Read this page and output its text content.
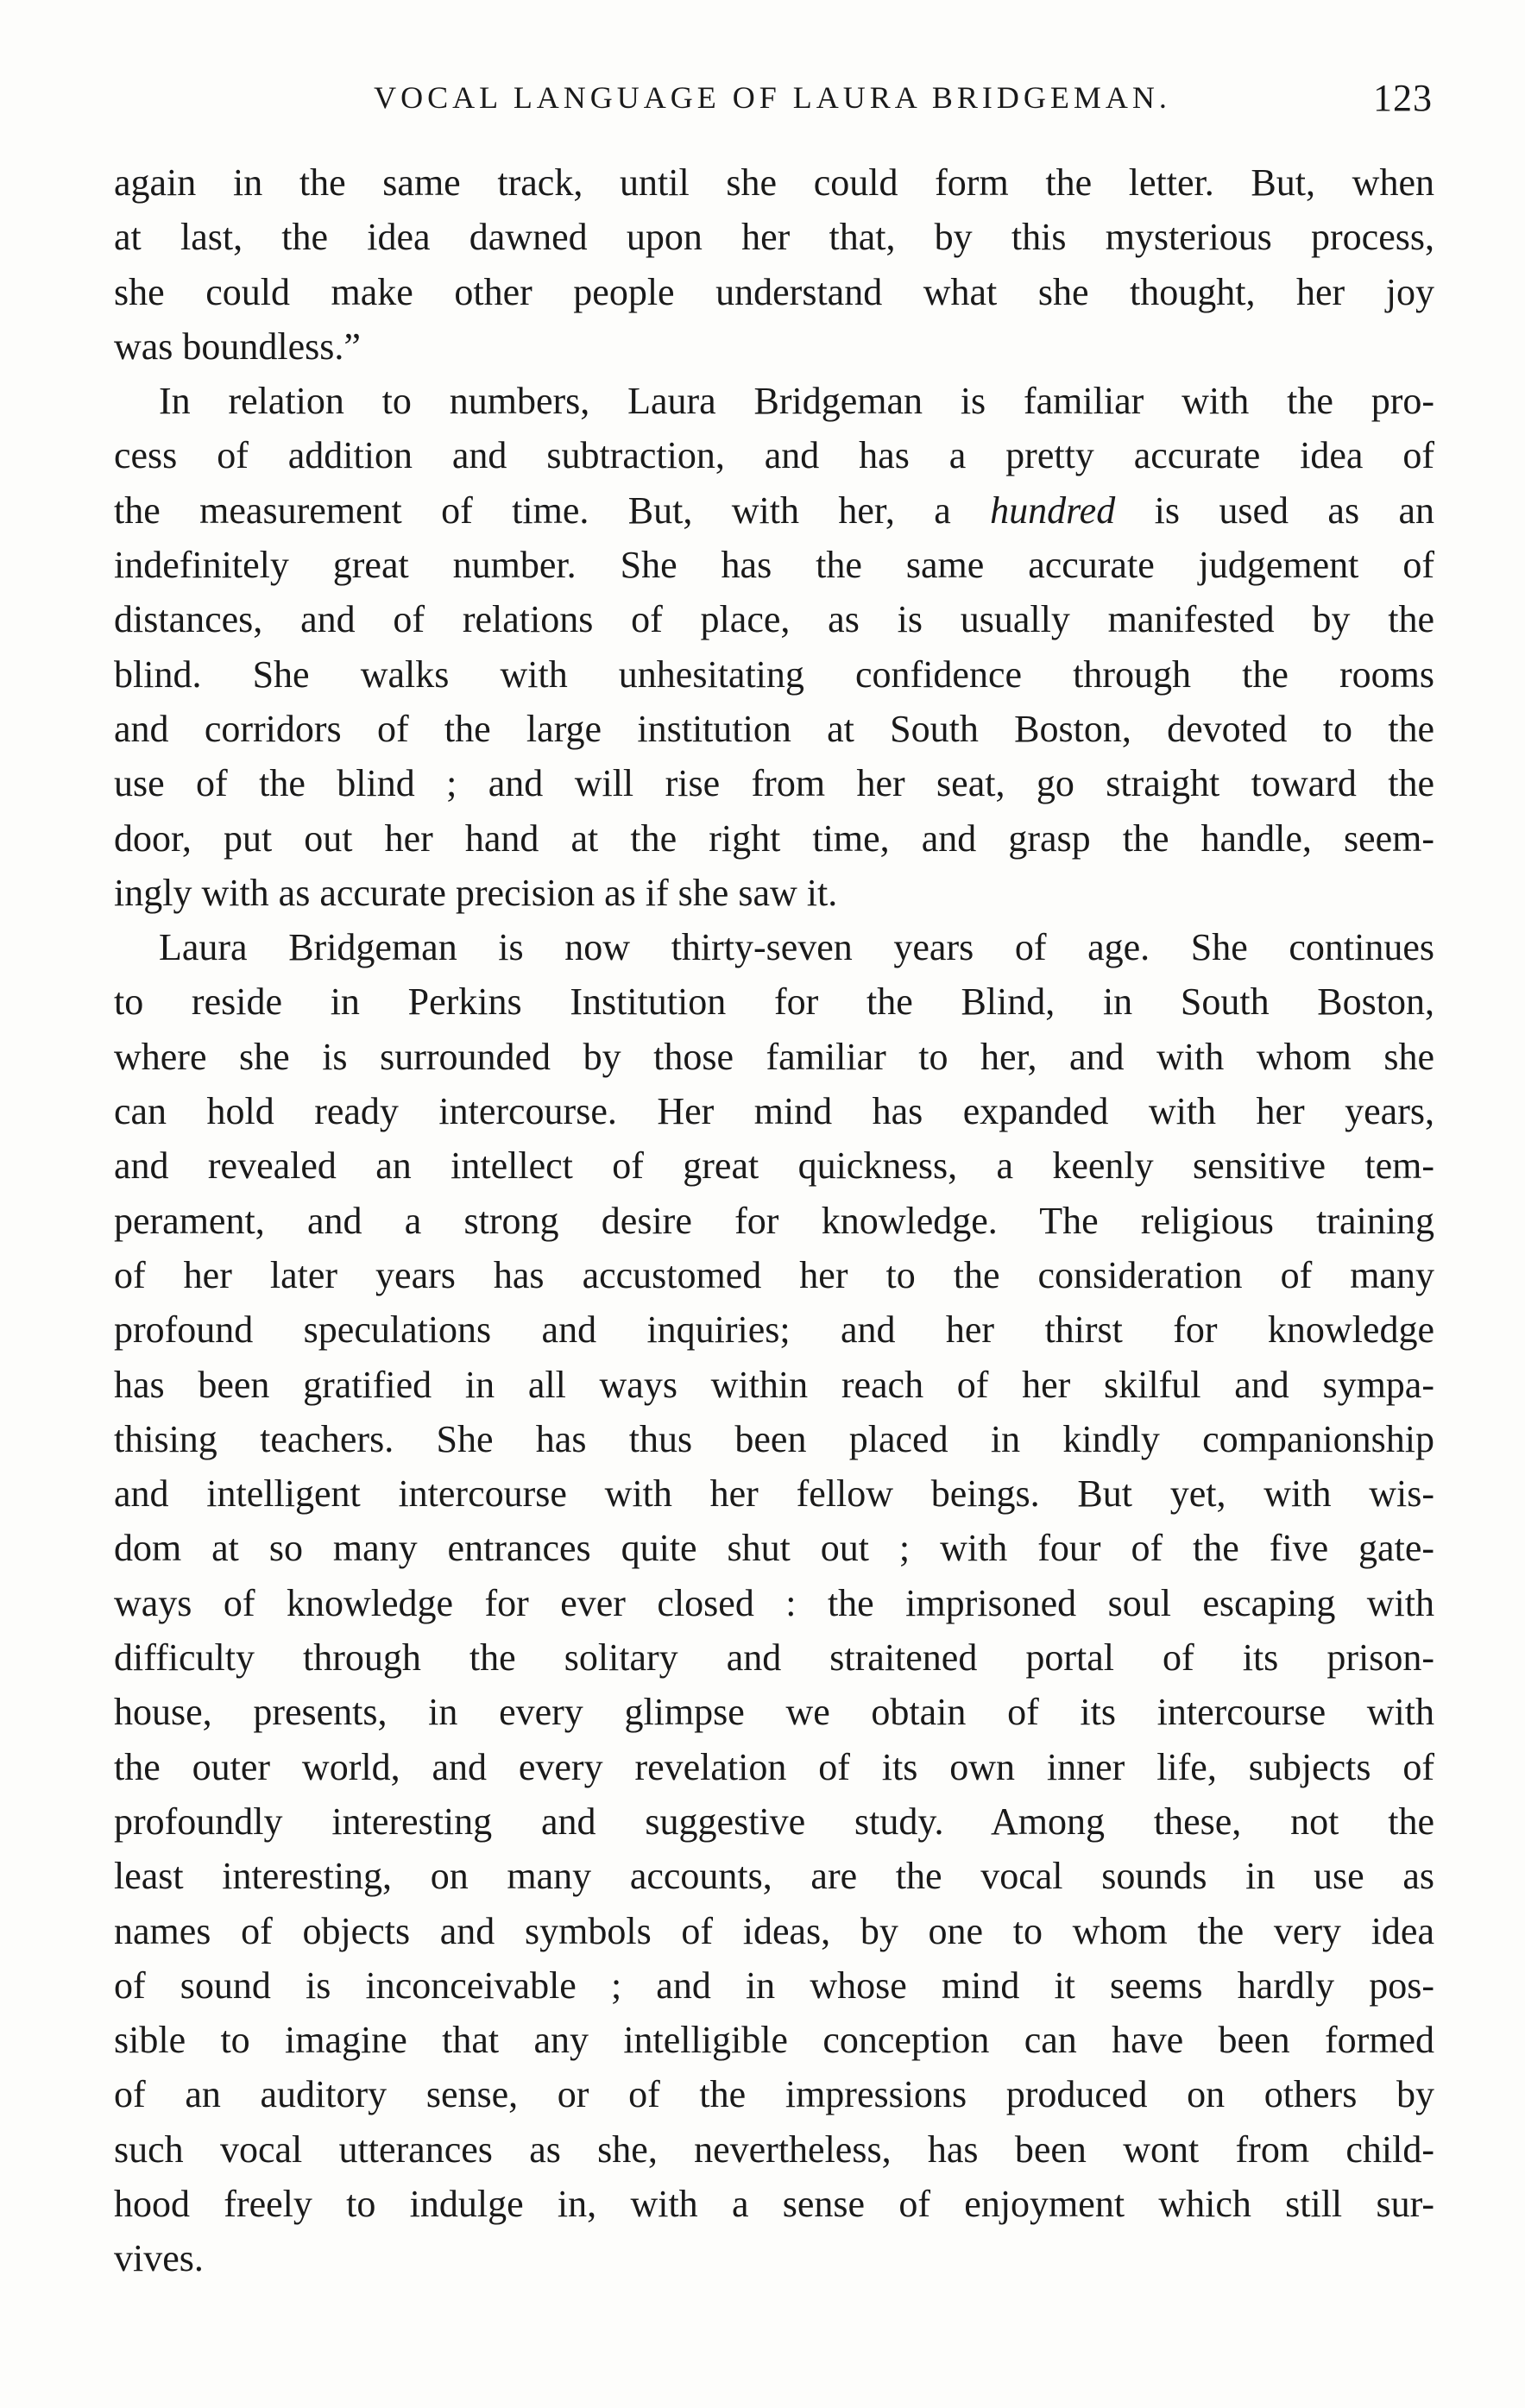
VOCAL LANGUAGE OF LAURA BRIDGEMAN.	123
again in the same track, until she could form the letter. But, when
at last, the idea dawned upon her that, by this mysterious process,
she could make other people understand what she thought, her joy
was boundless.”
In relation to numbers, Laura Bridgeman is familiar with the pro-
cess of addition and subtraction, and has a pretty accurate idea of
the measurement of time. But, with her, a hundred is used as an
indefinitely great number. She has the same accurate judgement of
distances, and of relations of place, as is usually manifested by the
blind. She walks with unhesitating confidence through the rooms
and corridors of the large institution at South Boston, devoted to the
use of the blind ; and will rise from her seat, go straight toward the
door, put out her hand at the right time, and grasp the handle, seem-
ingly with as accurate precision as if she saw it.
Laura Bridgeman is now thirty-seven years of age. She continues
to reside in Perkins Institution for the Blind, in South Boston,
where she is surrounded by those familiar to her, and with whom she
can hold ready intercourse. Her mind has expanded with her years,
and revealed an intellect of great quickness, a keenly sensitive tem-
perament, and a strong desire for knowledge. The religious training
of her later years has accustomed her to the consideration of many
profound speculations and inquiries; and her thirst for knowledge
has been gratified in all ways within reach of her skilful and sympa-
thising teachers. She has thus been placed in kindly companionship
and intelligent intercourse with her fellow beings. But yet, with wis-
dom at so many entrances quite shut out ; with four of the five gate-
ways of knowledge for ever closed : the imprisoned soul escaping with
difficulty through the solitary and straitened portal of its prison-
house, presents, in every glimpse we obtain of its intercourse with
the outer world, and every revelation of its own inner life, subjects of
profoundly interesting and suggestive study. Among these, not the
least interesting, on many accounts, are the vocal sounds in use as
names of objects and symbols of ideas, by one to whom the very idea
of sound is inconceivable ; and in whose mind it seems hardly pos-
sible to imagine that any intelligible conception can have been formed
of an auditory sense, or of the impressions produced on others by
such vocal utterances as she, nevertheless, has been wont from child-
hood freely to indulge in, with a sense of enjoyment which still sur-
vives.
